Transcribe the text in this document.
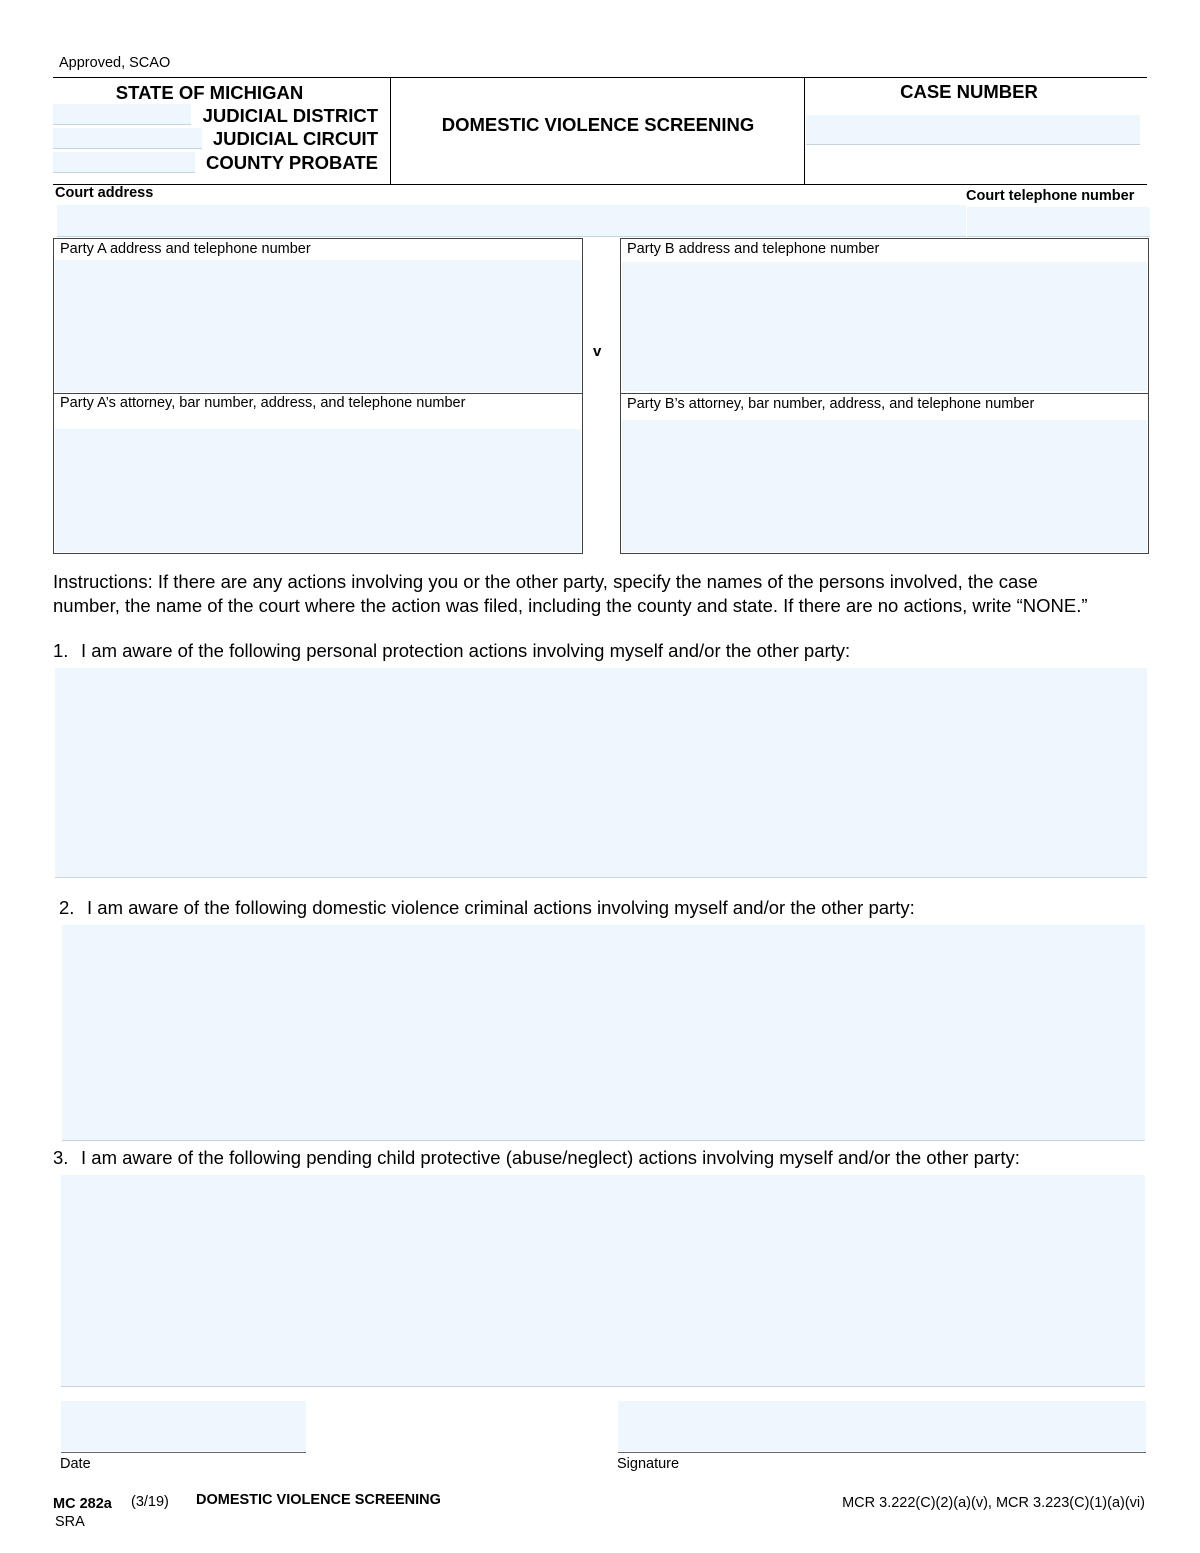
Approved, SCAO
STATE OF MICHIGAN
JUDICIAL DISTRICT
JUDICIAL CIRCUIT
COUNTY PROBATE
DOMESTIC VIOLENCE SCREENING
CASE NUMBER
Court address	Court telephone number
Party A address and telephone number
Party A’s attorney, bar number, address, and telephone number
v
Party B address and telephone number
Party B’s attorney, bar number, address, and telephone number
Instructions: If there are any actions involving you or the other party, specify the names of the persons involved, the case
number, the name of the court where the action was filed, including the county and state. If there are no actions, write “NONE.”
1. I am aware of the following personal protection actions involving myself and/or the other party:
2. I am aware of the following domestic violence criminal actions involving myself and/or the other party:
3. I am aware of the following pending child protective (abuse/neglect) actions involving myself and/or the other party:
Date	Signature
MC 282a (3/19) DOMESTIC VIOLENCE SCREENING
SRA
MCR 3.222(C)(2)(a)(v), MCR 3.223(C)(1)(a)(vi)
